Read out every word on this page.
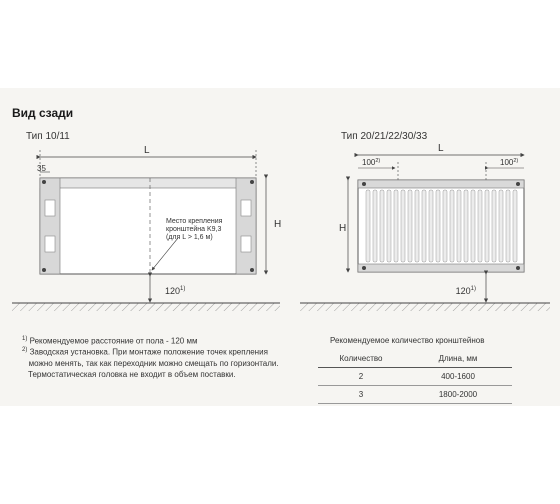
Вид сзади
Тип 10/11	Тип 20/21/22/30/33
L
35
H
Место крепления
кронштейна K9,3
(для L > 1,6 м)
120$^{1)}$
L
100$^{2)}$	100$^{2)}$
H
120$^{1)}$
$^{1)}$ Рекомендуемое расстояние от пола - 120 мм
$^{2)}$ Заводская установка. При монтаже положение точек крепления
можно менять, так как переходник можно смещать по горизонтали.
Термостатическая головка не входит в объем поставки.
Рекомендуемое количество кронштейнов
Количество	Длина, мм
2	400-1600
3	1800-2000
